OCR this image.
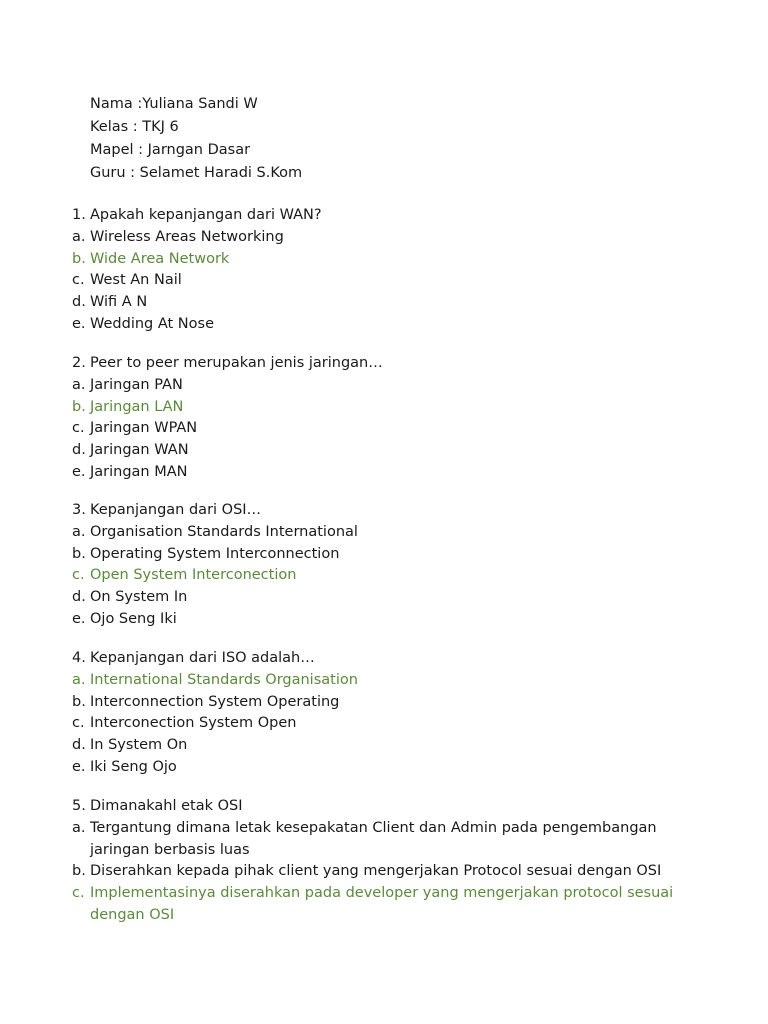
Nama :Yuliana Sandi W
Kelas : TKJ 6
Mapel : Jarngan Dasar
Guru : Selamet Haradi S.Kom
1. Apakah kepanjangan dari WAN?
a. Wireless Areas Networking
b. Wide Area Network
c. West An Nail
d. Wifi A N
e. Wedding At Nose
2. Peer to peer merupakan jenis jaringan…
a. Jaringan PAN
b. Jaringan LAN
c. Jaringan WPAN
d. Jaringan WAN
e. Jaringan MAN
3. Kepanjangan dari OSI…
a. Organisation Standards International
b. Operating System Interconnection
c. Open System Interconection
d. On System In
e. Ojo Seng Iki
4. Kepanjangan dari ISO adalah…
a. International Standards Organisation
b. Interconnection System Operating
c. Interconection System Open
d. In System On
e. Iki Seng Ojo
5. Dimanakahl etak OSI
a. Tergantung dimana letak kesepakatan Client dan Admin pada pengembangan jaringan berbasis luas
b. Diserahkan kepada pihak client yang mengerjakan Protocol sesuai dengan OSI
c. Implementasinya diserahkan pada developer yang mengerjakan protocol sesuai dengan OSI
